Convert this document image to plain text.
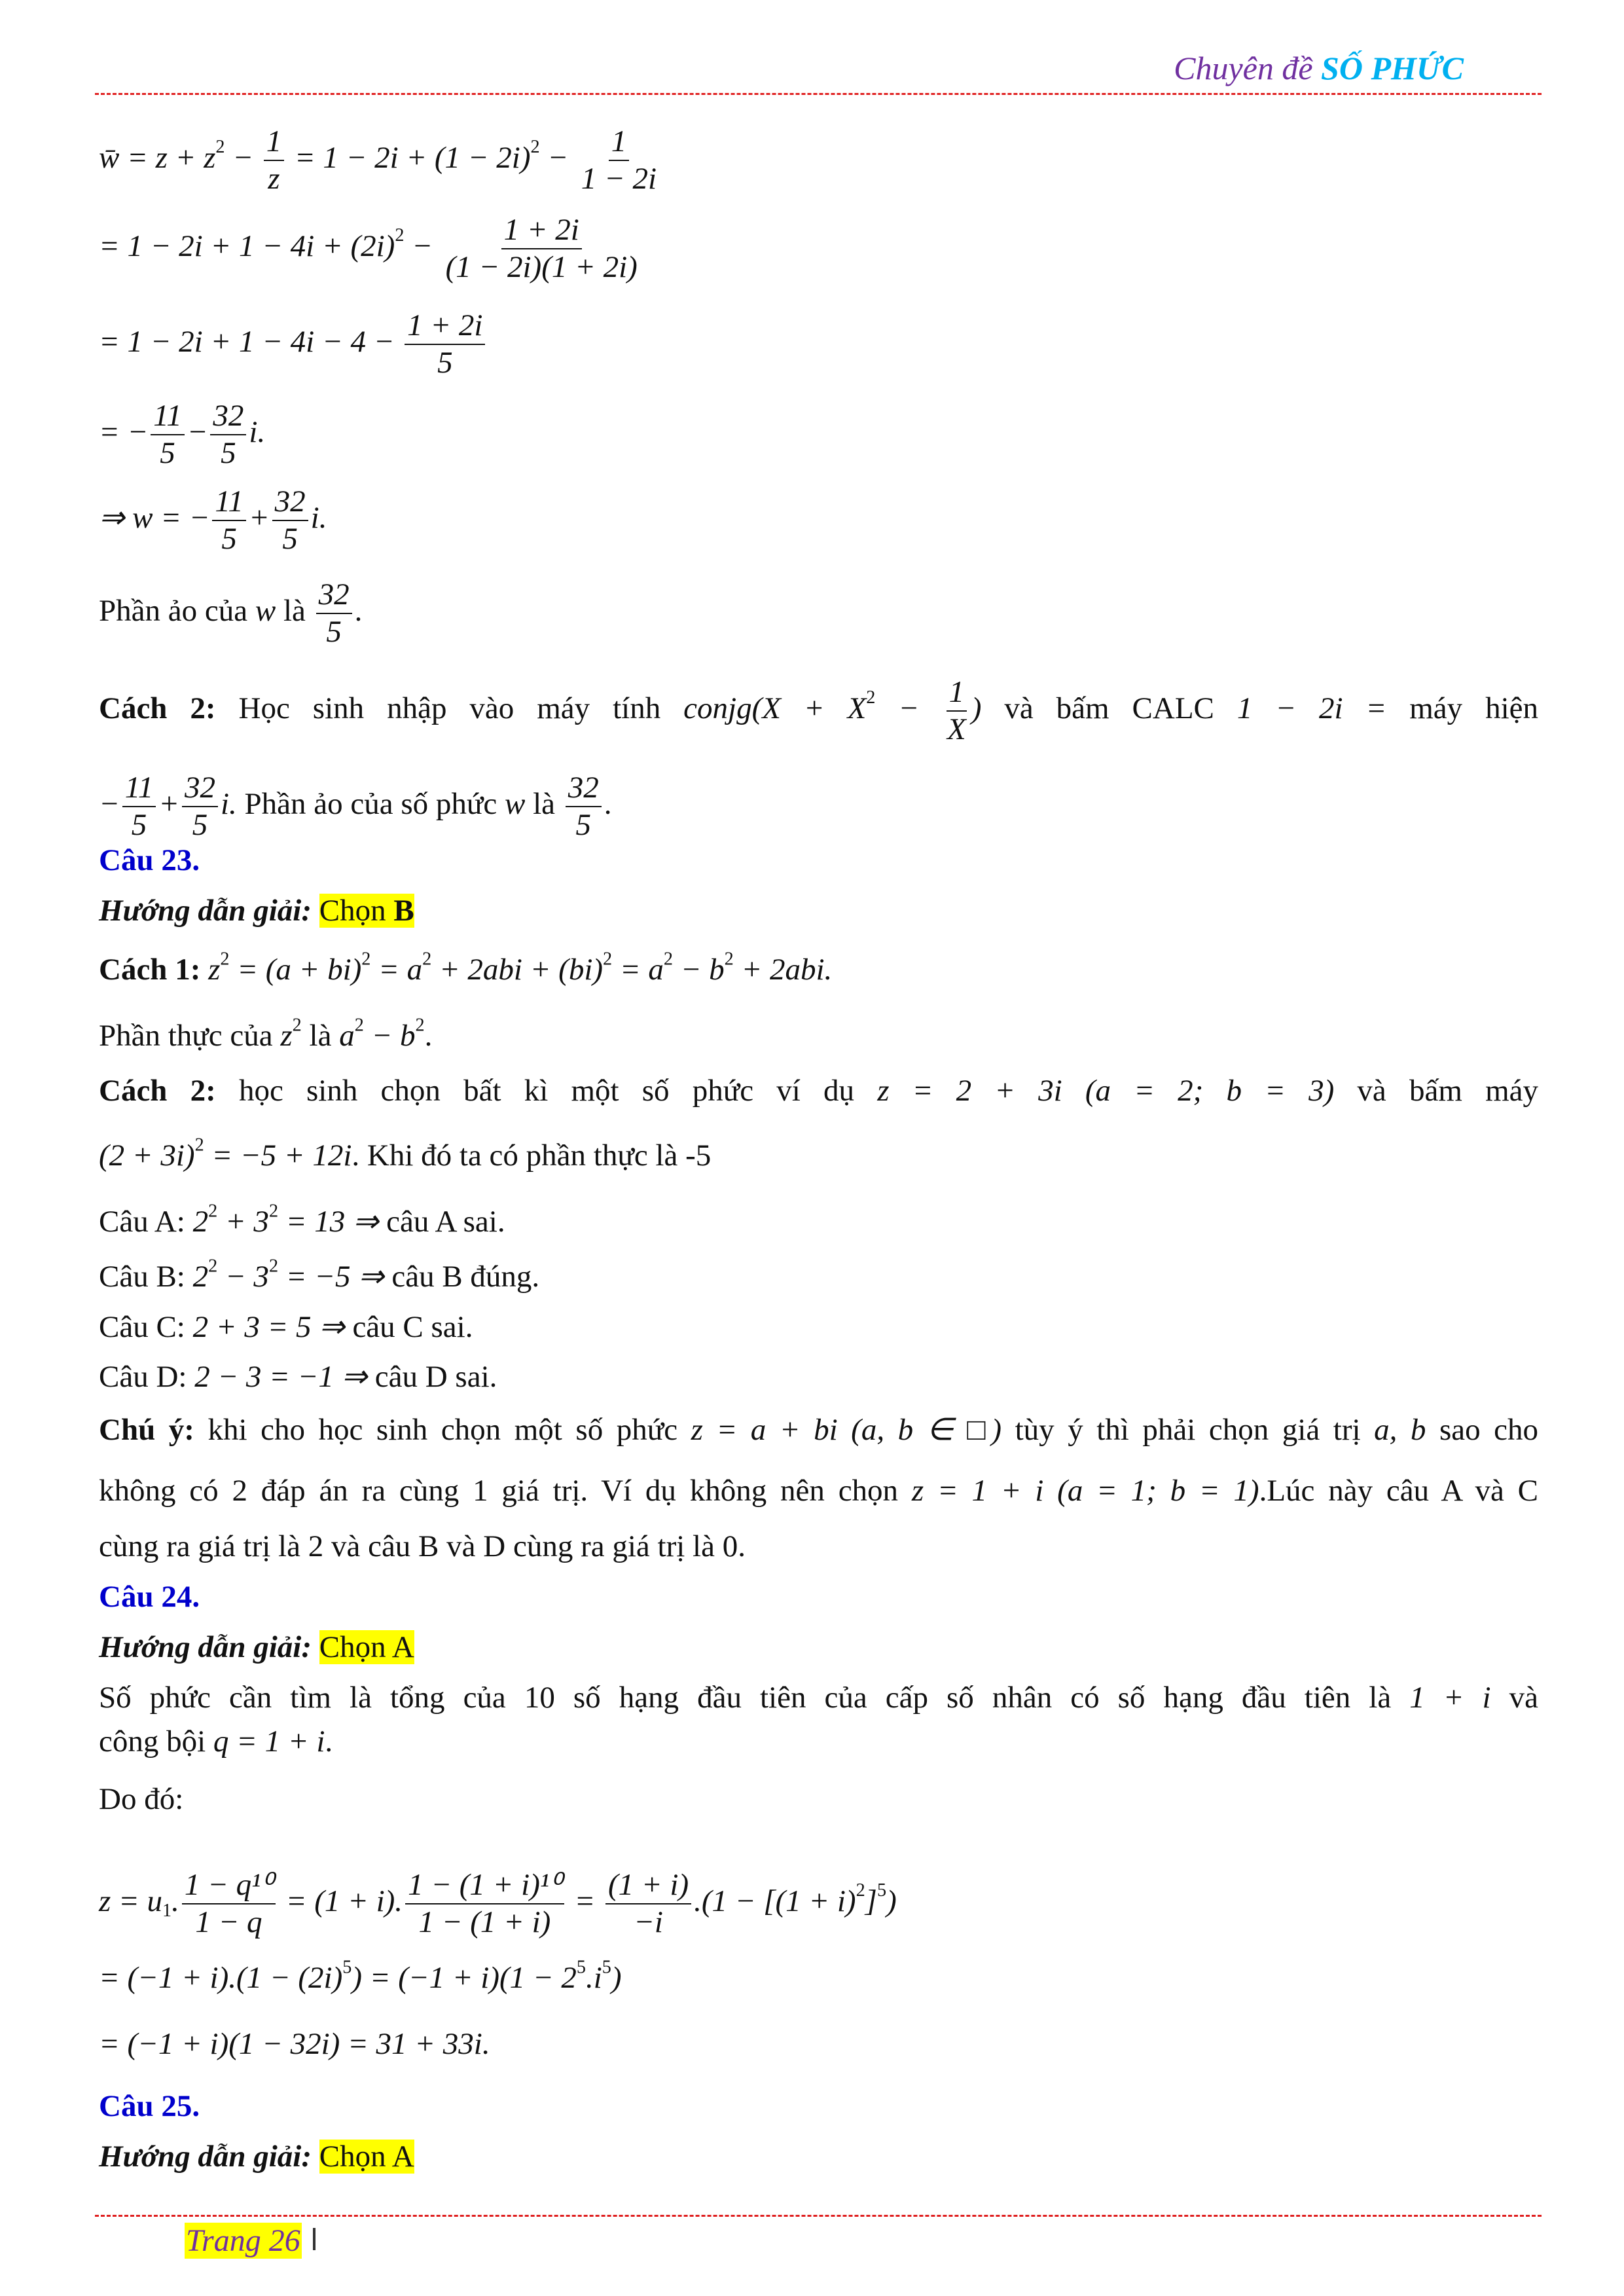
Chuyên đề SỐ PHỨC
w̄ = $z + z^2 - \frac{1}{z} = 1 - 2i + (1 - 2i)^2 - \frac{1}{1 - 2i}$
= $1 - 2i + 1 - 4i + (2i)^2 - \frac{1 + 2i}{(1 - 2i)(1 + 2i)}$
= $1 - 2i + 1 - 4i - 4 - \frac{1 + 2i}{5}$
= − $\frac{11}{5} - \frac{32}{5} i$.
⇒ w = − $\frac{11}{5} + \frac{32}{5} i$.
Phần ảo của w là $\frac{32}{5}$ .
Cách 2: Học sinh nhập vào máy tính conjg(X + $X^2 - \frac{1}{X}$ ) và bấm CALC 1 − 2i = máy hiện
− $\frac{11}{5} + \frac{32}{5} i$. Phần ảo của số phức w là $\frac{32}{5}$ .
Câu 23.
Hướng dẫn giải: Chọn B
Cách 1: $z^2 = (a + bi)^2 = a^2 + 2abi + (bi)^2 = a^2 - b^2 + 2abi$.
Phần thực của $z^2$ là $a^2 - b^2$.
Cách 2: học sinh chọn bất kì một số phức ví dụ z = 2 + 3i (a = 2; b = 3) và bấm máy
$(2 + 3i)^2 = -5 + 12i$. Khi đó ta có phần thực là -5
Câu A: $2^2 + 3^2 = 13$ ⇒ câu A sai.
Câu B: $2^2 - 3^2 = -5$ ⇒ câu B đúng.
Câu C: 2 + 3 = 5 ⇒ câu C sai.
Câu D: 2 − 3 = −1 ⇒ câu D sai.
Chú ý: khi cho học sinh chọn một số phức z = a + bi (a, b ∈ □) tùy ý thì phải chọn giá trị a, b sao cho
không có 2 đáp án ra cùng 1 giá trị. Ví dụ không nên chọn z = 1 + i (a = 1; b = 1).Lúc này câu A và C
cùng ra giá trị là 2 và câu B và D cùng ra giá trị là 0.
Câu 24.
Hướng dẫn giải: Chọn A
Số phức cần tìm là tổng của 10 số hạng đầu tiên của cấp số nhân có số hạng đầu tiên là 1 + i và
công bội q = 1 + i.
Do đó:
$z = u_1$. $\frac{\text{1 − q¹⁰}}{1 - q} = (1 + i)$. $\frac{\text{1 − (1 + i)¹⁰}}{1 - (1 + i)} = \frac{(1 + i)}{-i} .(1 - [(1 + i)^2]^5)$
= $(-1 + i).(1 - (2i)^5) = (-1 + i)(1 - 2^5.i^5)$
= (−1 + i)(1 − 32i) = 31 + 33i.
Câu 25.
Hướng dẫn giải: Chọn A
Trang 26
